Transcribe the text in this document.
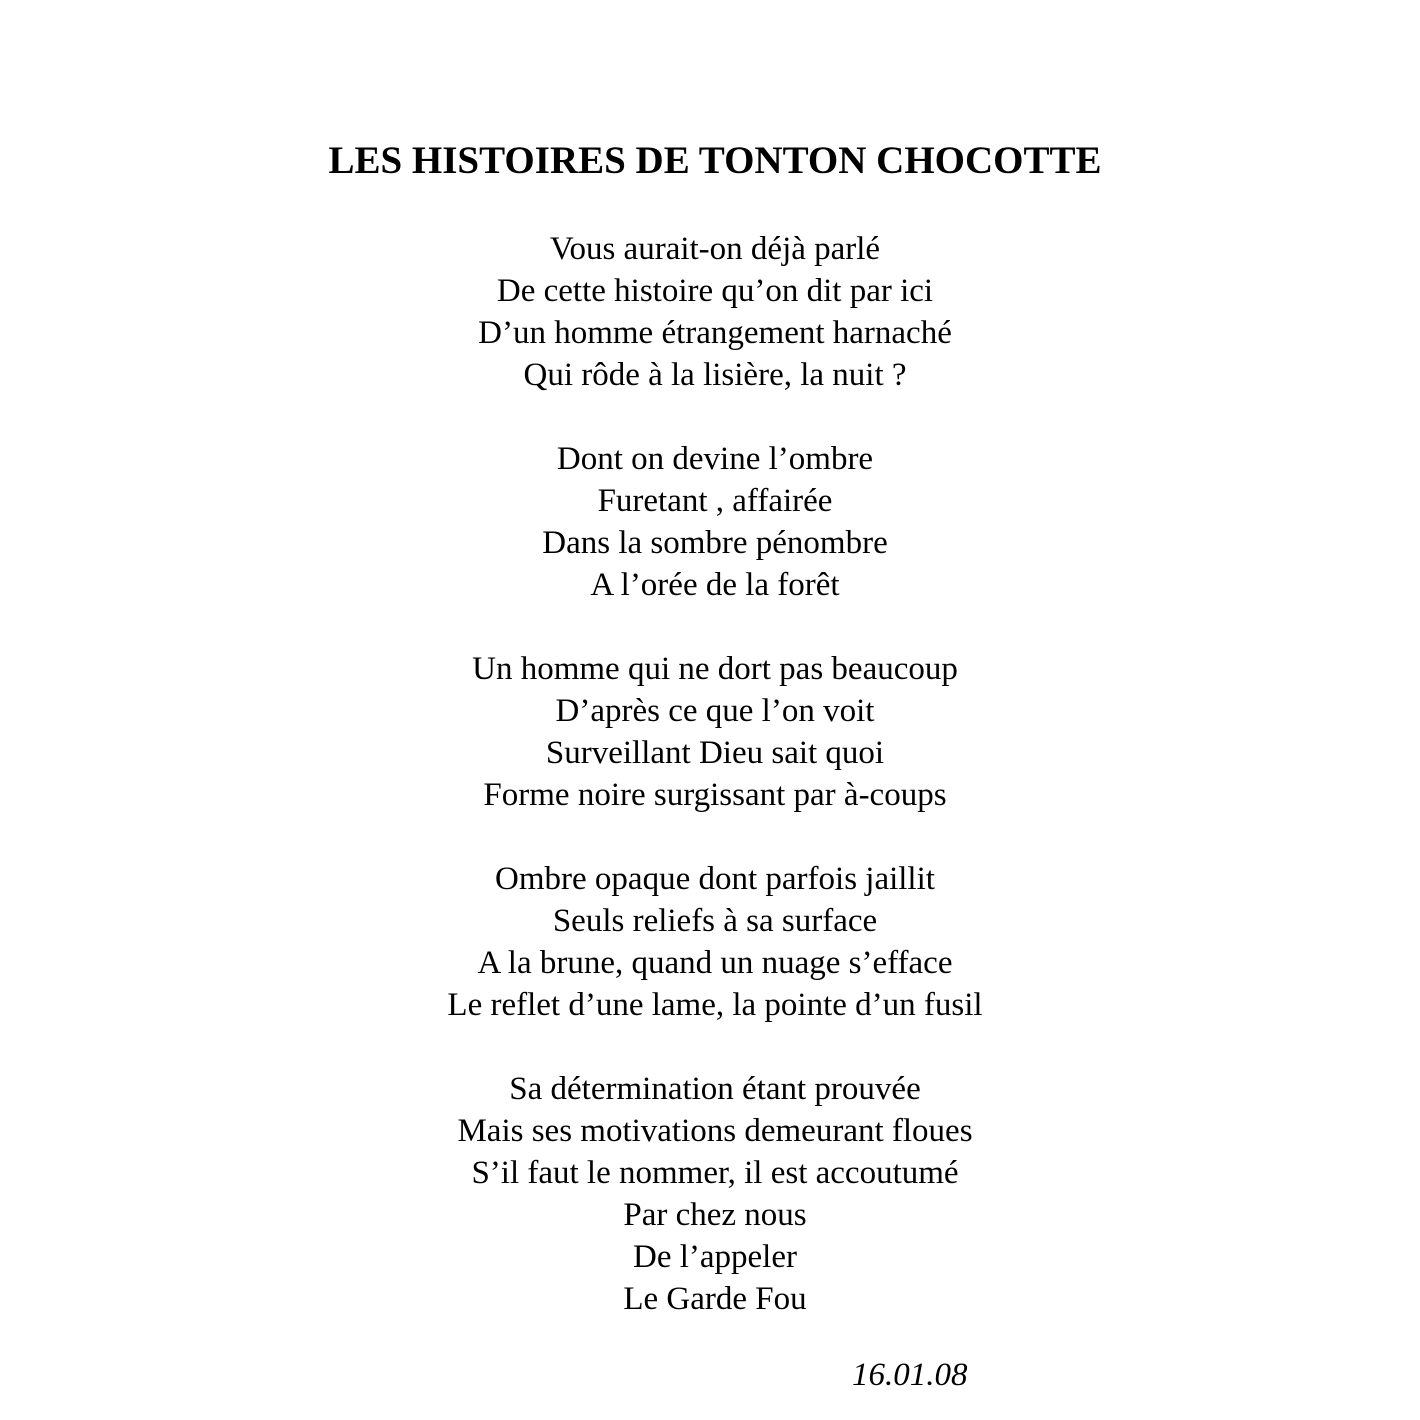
LES HISTOIRES DE TONTON CHOCOTTE
Vous aurait-on déjà parlé
De cette histoire qu’on dit par ici
D’un homme étrangement harnaché
Qui rôde à la lisière, la nuit ?
Dont on devine l’ombre
Furetant , affairée
Dans la sombre pénombre
A l’orée de la forêt
Un homme qui ne dort pas beaucoup
D’après ce que l’on voit
Surveillant Dieu sait quoi
Forme noire surgissant par à-coups
Ombre opaque dont parfois jaillit
Seuls reliefs à sa surface
A la brune, quand un nuage s’efface
Le reflet d’une lame, la pointe d’un fusil
Sa détermination étant prouvée
Mais ses motivations demeurant floues
S’il faut le nommer, il est accoutumé
Par chez nous
De l’appeler
Le Garde Fou
16.01.08
